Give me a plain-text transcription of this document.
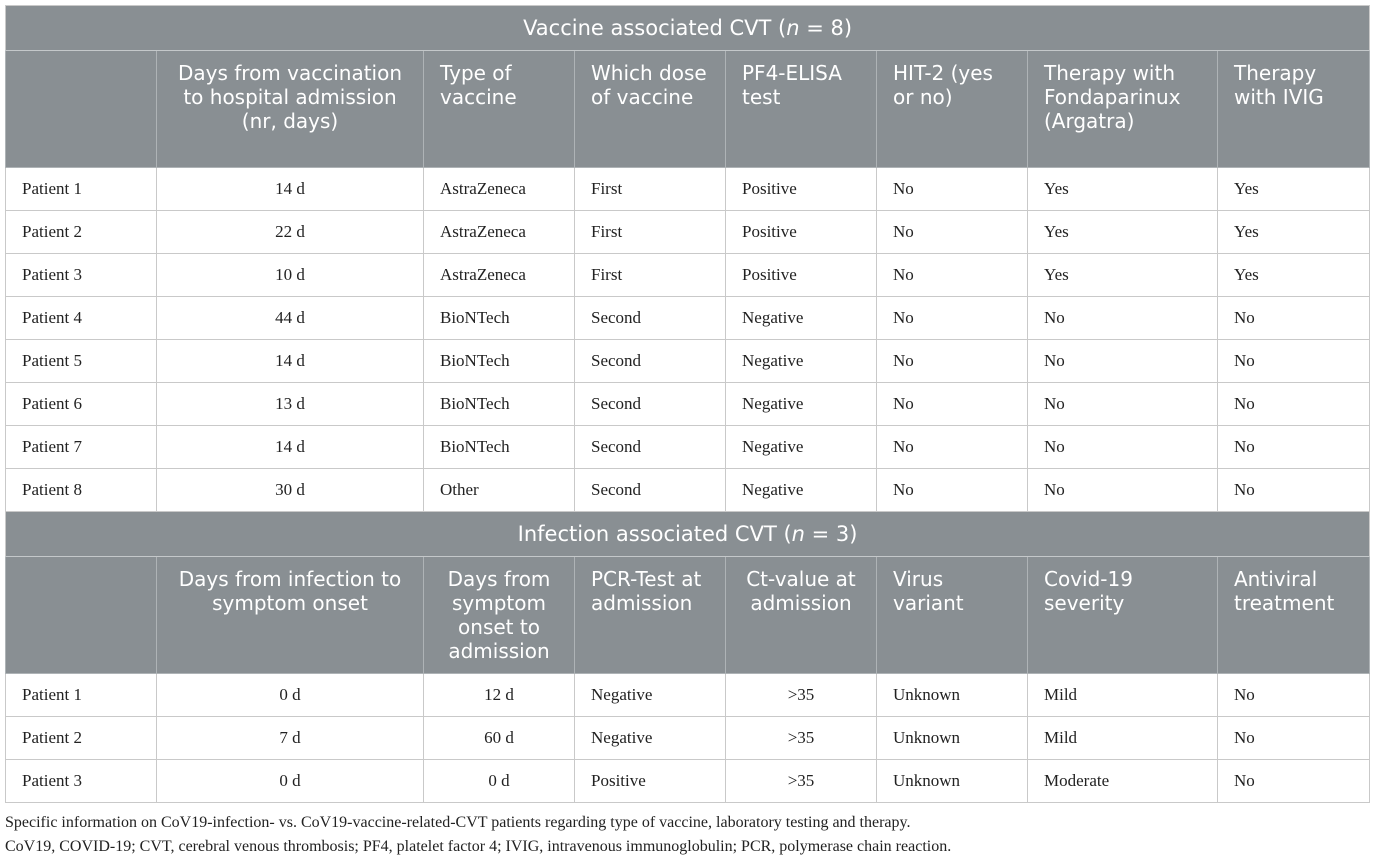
Vaccine associated CVT (n = 8)							
	Days from vaccination to hospital admission (nr, days)	Type of vaccine	Which dose of vaccine	PF4-ELISA test	HIT-2 (yes or no)	Therapy with Fondaparinux (Argatra)	Therapy with IVIG
Patient 1	14 d	AstraZeneca	First	Positive	No	Yes	Yes
Patient 2	22 d	AstraZeneca	First	Positive	No	Yes	Yes
Patient 3	10 d	AstraZeneca	First	Positive	No	Yes	Yes
Patient 4	44 d	BioNTech	Second	Negative	No	No	No
Patient 5	14 d	BioNTech	Second	Negative	No	No	No
Patient 6	13 d	BioNTech	Second	Negative	No	No	No
Patient 7	14 d	BioNTech	Second	Negative	No	No	No
Patient 8	30 d	Other	Second	Negative	No	No	No
Infection associated CVT (n = 3)							
	Days from infection to symptom onset	Days from symptom onset to admission	PCR-Test at admission	Ct-value at admission	Virus variant	Covid-19 severity	Antiviral treatment
Patient 1	0 d	12 d	Negative	>35	Unknown	Mild	No
Patient 2	7 d	60 d	Negative	>35	Unknown	Mild	No
Patient 3	0 d	0 d	Positive	>35	Unknown	Moderate	No
Specific information on CoV19-infection- vs. CoV19-vaccine-related-CVT patients regarding type of vaccine, laboratory testing and therapy.
CoV19, COVID-19; CVT, cerebral venous thrombosis; PF4, platelet factor 4; IVIG, intravenous immunoglobulin; PCR, polymerase chain reaction.
